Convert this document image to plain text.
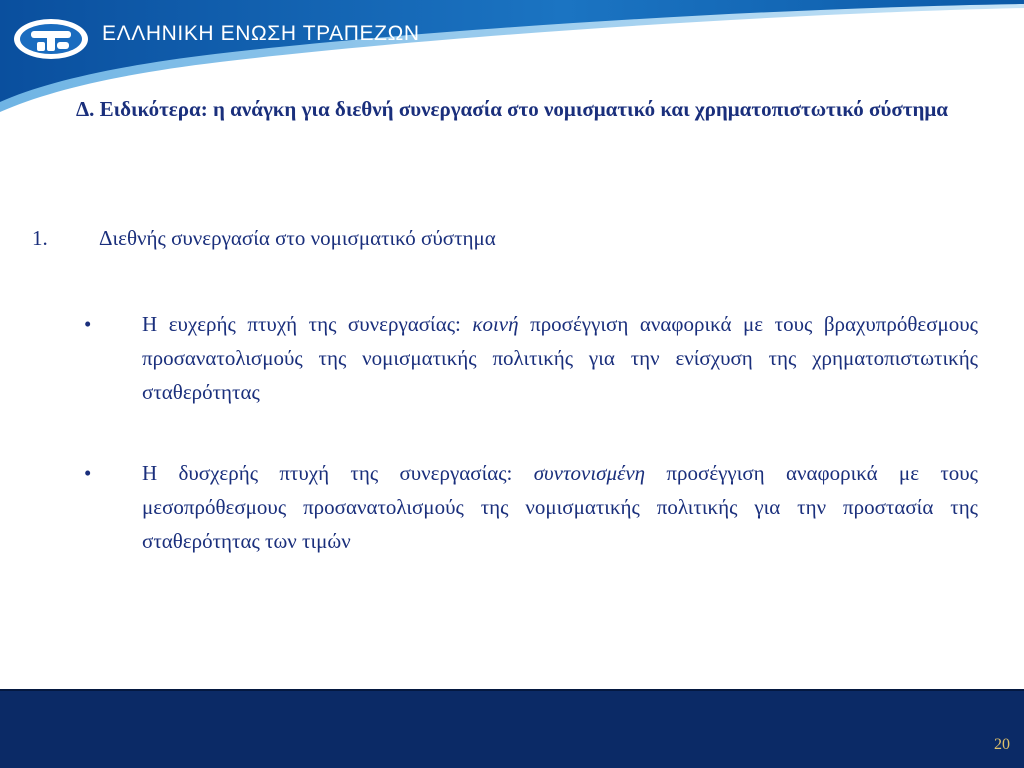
ΕΛΛΗΝΙΚΗ ΕΝΩΣΗ ΤΡΑΠΕΖΩΝ
Δ. Ειδικότερα: η ανάγκη για διεθνή συνεργασία στο νομισματικό και χρηματοπιστωτικό σύστημα
1. Διεθνής συνεργασία στο νομισματικό σύστημα
• Η ευχερής πτυχή της συνεργασίας: κοινή προσέγγιση αναφορικά με τους βραχυπρόθεσμους προσανατολισμούς της νομισματικής πολιτικής για την ενίσχυση της χρηματοπιστωτικής σταθερότητας
• Η δυσχερής πτυχή της συνεργασίας: συντονισμένη προσέγγιση αναφορικά με τους μεσοπρόθεσμους προσανατολισμούς της νομισματικής πολιτικής για την προστασία της σταθερότητας των τιμών
20
